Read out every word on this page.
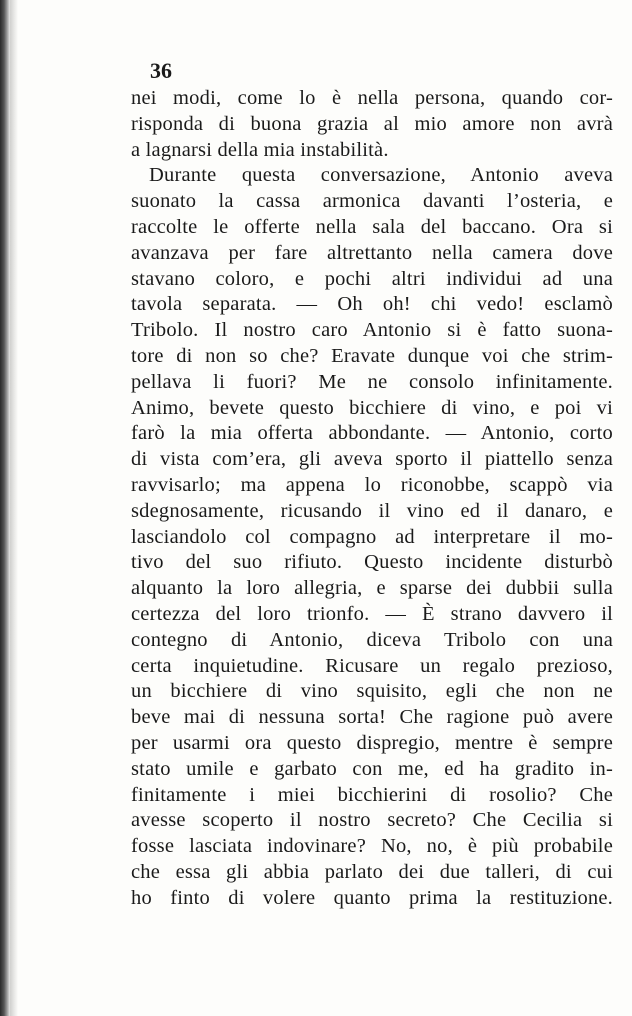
36
nei modi, come lo è nella persona, quando cor-
risponda di buona grazia al mio amore non avrà
a lagnarsi della mia instabilità.
Durante questa conversazione, Antonio aveva
suonato la cassa armonica davanti l’osteria, e
raccolte le offerte nella sala del baccano. Ora si
avanzava per fare altrettanto nella camera dove
stavano coloro, e pochi altri individui ad una
tavola separata. — Oh oh! chi vedo! esclamò
Tribolo. Il nostro caro Antonio si è fatto suona-
tore di non so che? Eravate dunque voi che strim-
pellava li fuori? Me ne consolo infinitamente.
Animo, bevete questo bicchiere di vino, e poi vi
farò la mia offerta abbondante. — Antonio, corto
di vista com’era, gli aveva sporto il piattello senza
ravvisarlo; ma appena lo riconobbe, scappò via
sdegnosamente, ricusando il vino ed il danaro, e
lasciandolo col compagno ad interpretare il mo-
tivo del suo rifiuto. Questo incidente disturbò
alquanto la loro allegria, e sparse dei dubbii sulla
certezza del loro trionfo. — È strano davvero il
contegno di Antonio, diceva Tribolo con una
certa inquietudine. Ricusare un regalo prezioso,
un bicchiere di vino squisito, egli che non ne
beve mai di nessuna sorta! Che ragione può avere
per usarmi ora questo dispregio, mentre è sempre
stato umile e garbato con me, ed ha gradito in-
finitamente i miei bicchierini di rosolio? Che
avesse scoperto il nostro secreto? Che Cecilia si
fosse lasciata indovinare? No, no, è più probabile
che essa gli abbia parlato dei due talleri, di cui
ho finto di volere quanto prima la restituzione.
